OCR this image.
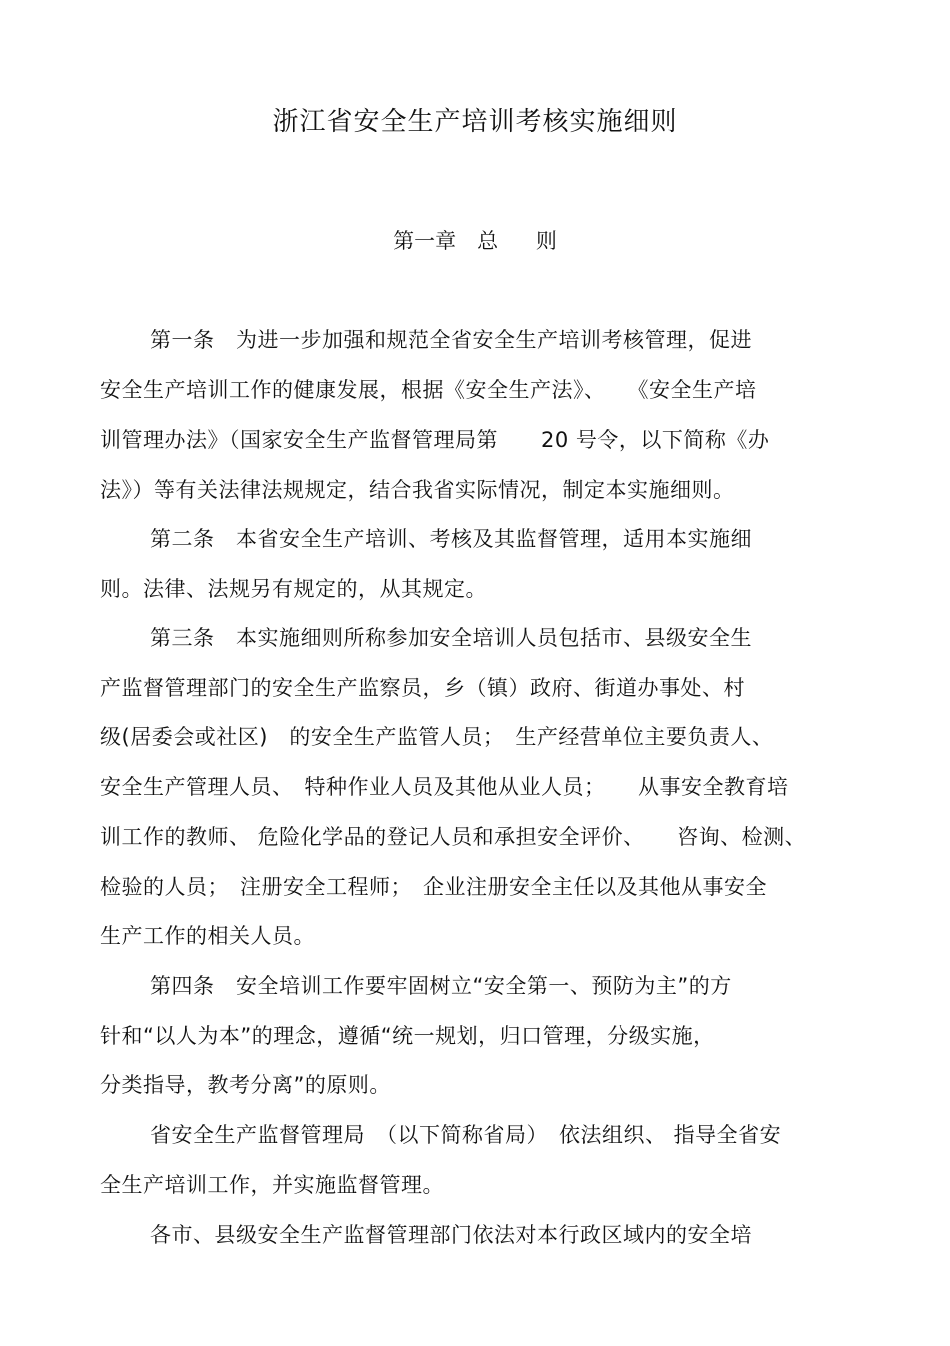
浙江省安全生产培训考核实施细则
第一章　总　 则
第一条　为进一步加强和规范全省安全生产培训考核管理，促进
安全生产培训工作的健康发展，根据《安全生产法》、　　《安全生产培
训管理办法》（国家安全生产监督管理局第　　20 号令，以下简称《办
法》）等有关法律法规规定，结合我省实际情况，制定本实施细则。
第二条　本省安全生产培训、考核及其监督管理，适用本实施细
则。法律、法规另有规定的，从其规定。
第三条　本实施细则所称参加安全培训人员包括市、县级安全生
产监督管理部门的安全生产监察员，乡（镇）政府、街道办事处、村
级(居委会或社区)　的安全生产监管人员；　生产经营单位主要负责人、
安全生产管理人员、　特种作业人员及其他从业人员；　　从事安全教育培
训工作的教师、 危险化学品的登记人员和承担安全评价、　　咨询、检测、
检验的人员；　注册安全工程师；　企业注册安全主任以及其他从事安全
生产工作的相关人员。
第四条　安全培训工作要牢固树立“安全第一、预防为主”的方
针和“以人为本”的理念，遵循“统一规划，归口管理，分级实施，
分类指导，教考分离”的原则。
省安全生产监督管理局　（以下简称省局）　依法组织、 指导全省安
全生产培训工作，并实施监督管理。
各市、县级安全生产监督管理部门依法对本行政区域内的安全培
